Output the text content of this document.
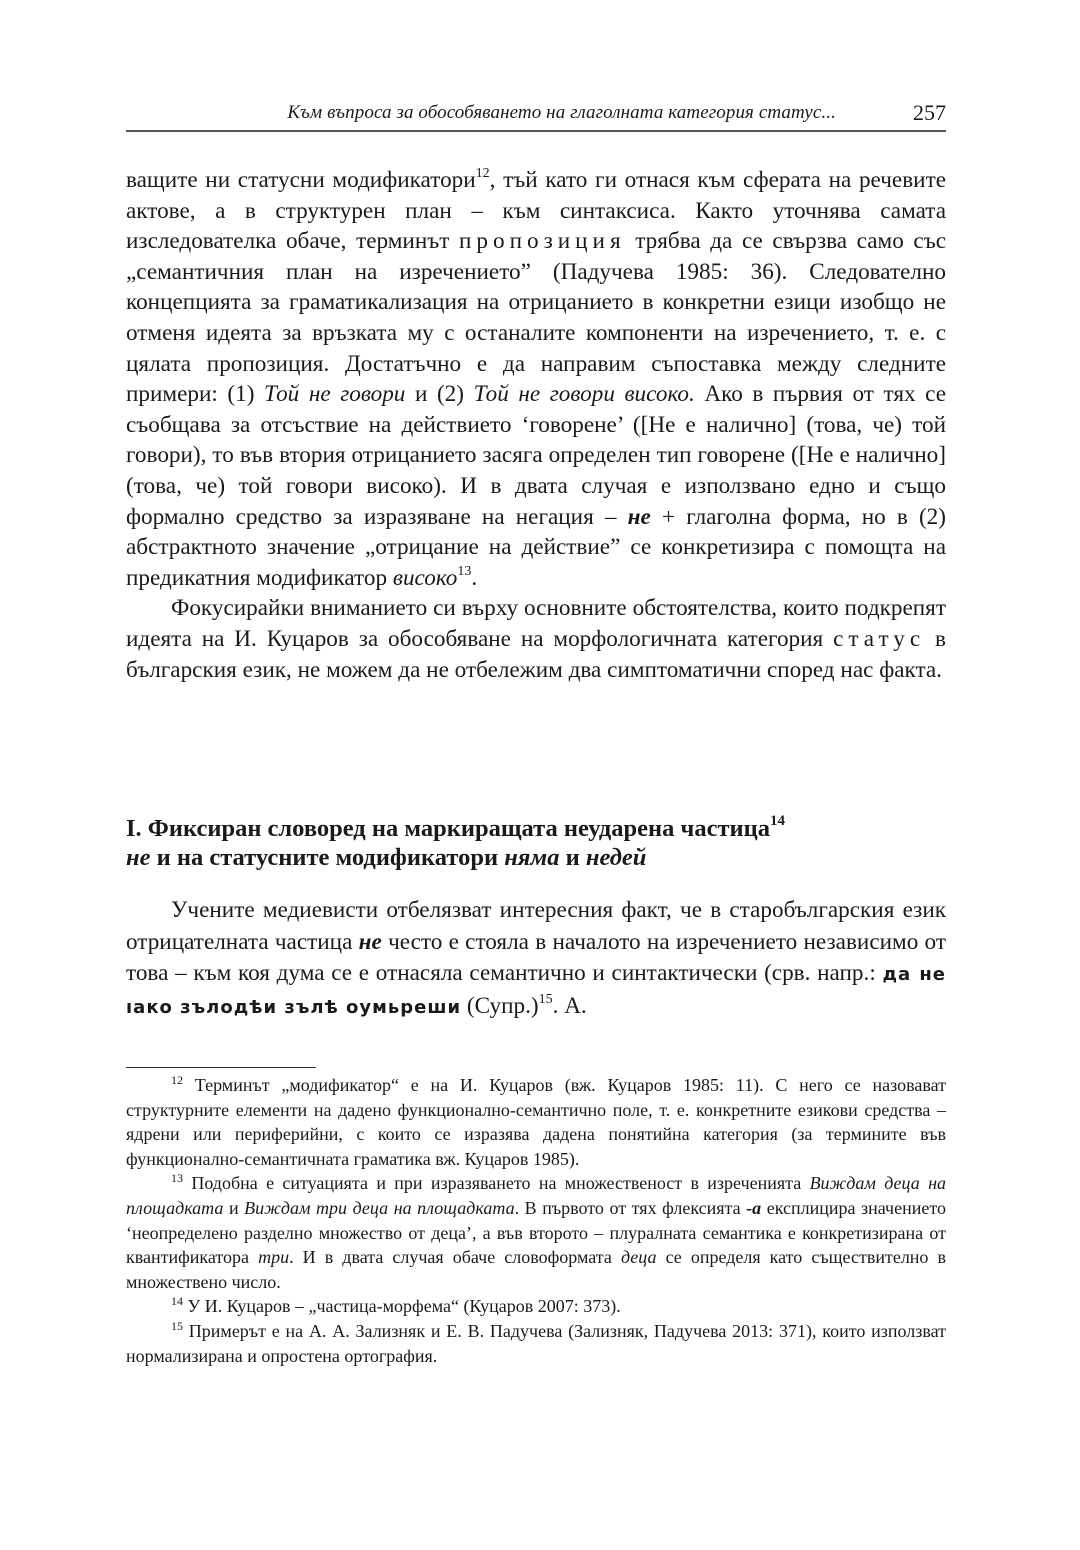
Към въпроса за обособяването на глаголната категория статус...	257

ващите ни статусни модификатори$^{12}$, тъй като ги отнася към сферата на речевите актове, а в структурен план – към синтаксиса. Както уточнява самата изследователка обаче, терминът пропозиция трябва да се свързва само със „семантичния план на изречението” (Падучева 1985: 36). Следователно концепцията за граматикализация на отрицанието в конкретни езици изобщо не отменя идеята за връзката му с останалите компоненти на изречението, т. е. с цялата пропозиция. Достатъчно е да направим съпоставка между следните примери: (1) Той не говори и (2) Той не говори високо. Ако в първия от тях се съобщава за отсъствие на действието ‘говорене’ ([Не е налично] (това, че) той говори), то във втория отрицанието засяга определен тип говорене ([Не е налично] (това, че) той говори високо). И в двата случая е използвано едно и също формално средство за изразяване на негация – не + глаголна форма, но в (2) абстрактното значение „отрицание на действие” се конкретизира с помощта на предикатния модификатор високо$^{13}$.

Фокусирайки вниманието си върху основните обстоятелства, които подкрепят идеята на И. Куцаров за обособяване на морфологичната категория статус в българския език, не можем да не отбележим два симптоматични според нас факта.

I. Фиксиран словоред на маркиращата неударена частица$^{14}$
не и на статусните модификатори няма и недей

Учените медиевисти отбелязват интересния факт, че в старобългарския език отрицателната частица не често е стояла в началото на изречението независимо от това – към коя дума се е отнасяла семантично и синтактически (срв. напр.: да не ıако зълодѣи зълѣ оумьреши (Супр.)$^{15}$. А.

$^{12}$ Терминът „модификатор“ е на И. Куцаров (вж. Куцаров 1985: 11). С него се назовават структурните елементи на дадено функционално-семантично поле, т. е. конкретните езикови средства – ядрени или периферийни, с които се изразява дадена понятийна категория (за термините във функционално-семантичната граматика вж. Куцаров 1985).

$^{13}$ Подобна е ситуацията и при изразяването на множественост в изреченията Виждам деца на площадката и Виждам три деца на площадката. В първото от тях флексията -а експлицира значението ‘неопределено разделно множество от деца’, а във второто – плуралната семантика е конкретизирана от квантификатора три. И в двата случая обаче словоформата деца се определя като съществително в множествено число.

$^{14}$ У И. Куцаров – „частица-морфема“ (Куцаров 2007: 373).

$^{15}$ Примерът е на А. А. Зализняк и Е. В. Падучева (Зализняк, Падучева 2013: 371), които използват нормализирана и опростена ортография.
